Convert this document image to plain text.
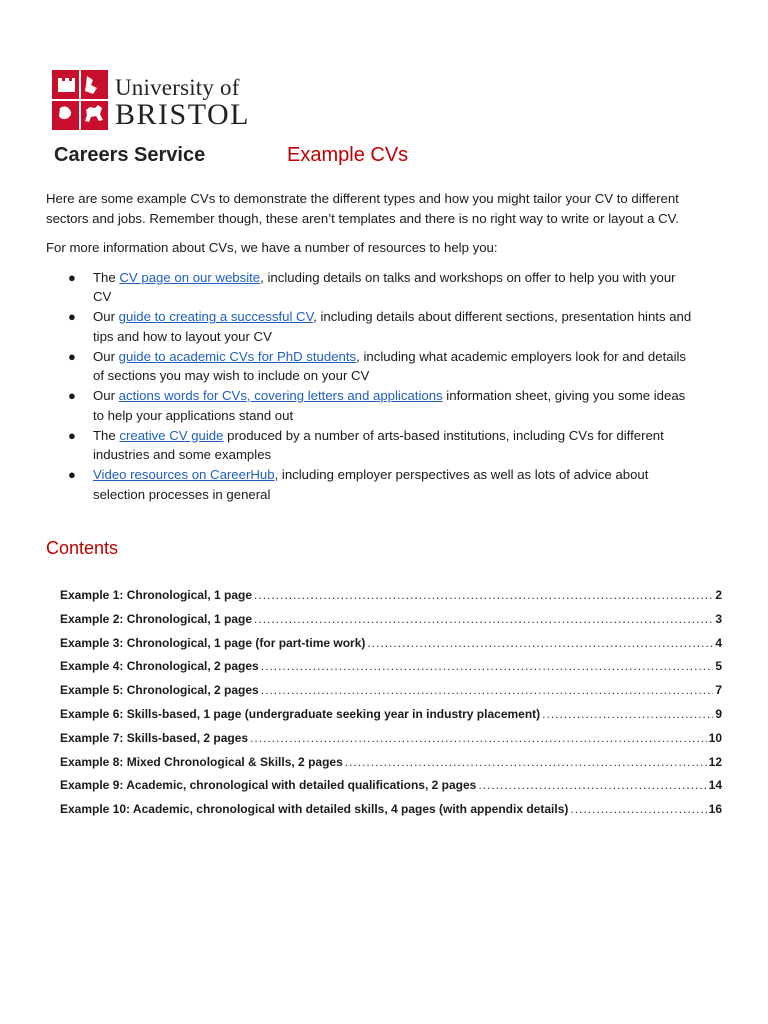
University of
BRISTOL
Careers Service	Example CVs

Here are some example CVs to demonstrate the different types and how you might tailor your CV to different sectors and jobs. Remember though, these aren’t templates and there is no right way to write or layout a CV.

For more information about CVs, we have a number of resources to help you:

● The CV page on our website, including details on talks and workshops on offer to help you with your CV
● Our guide to creating a successful CV, including details about different sections, presentation hints and tips and how to layout your CV
● Our guide to academic CVs for PhD students, including what academic employers look for and details of sections you may wish to include on your CV
● Our actions words for CVs, covering letters and applications information sheet, giving you some ideas to help your applications stand out
● The creative CV guide produced by a number of arts-based institutions, including CVs for different industries and some examples
● Video resources on CareerHub, including employer perspectives as well as lots of advice about selection processes in general
Contents
Example 1: Chronological, 1 page .....	2
Example 2: Chronological, 1 page .....	3
Example 3: Chronological, 1 page (for part-time work) .....	4
Example 4: Chronological, 2 pages .....	5
Example 5: Chronological, 2 pages .....	7
Example 6: Skills-based, 1 page (undergraduate seeking year in industry placement) .....	9
Example 7: Skills-based, 2 pages .....	10
Example 8: Mixed Chronological & Skills, 2 pages .....	12
Example 9: Academic, chronological with detailed qualifications, 2 pages .....	14
Example 10: Academic, chronological with detailed skills, 4 pages (with appendix details) .....	16
